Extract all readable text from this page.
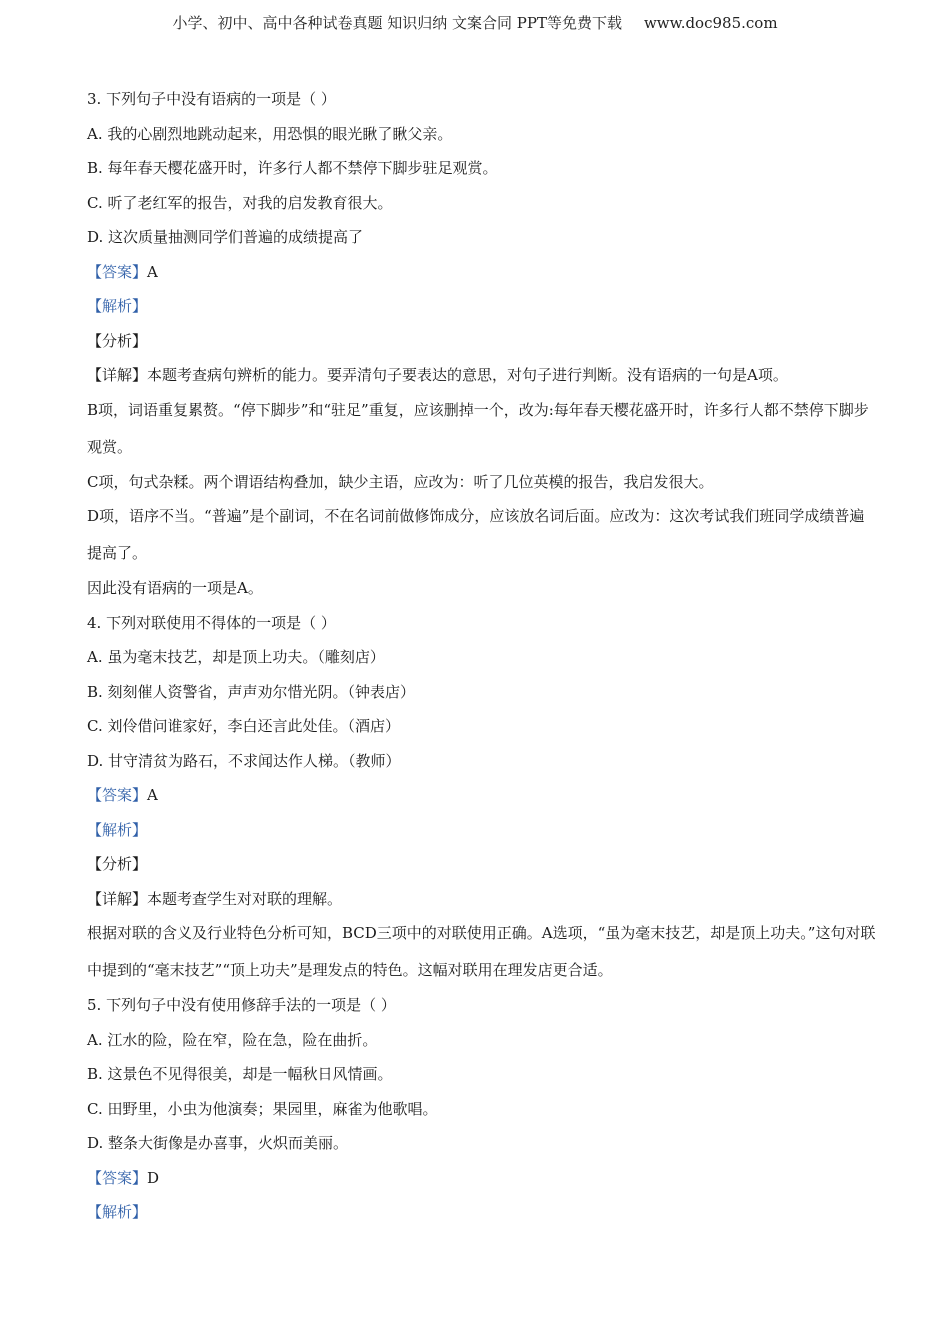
小学、初中、高中各种试卷真题 知识归纳 文案合同 PPT等免费下载 www.doc985.com
3. 下列句子中没有语病的一项是（ ）
A. 我的心剧烈地跳动起来，用恐惧的眼光瞅了瞅父亲。
B. 每年春天樱花盛开时，许多行人都不禁停下脚步驻足观赏。
C. 听了老红军的报告，对我的启发教育很大。
D. 这次质量抽测同学们普遍的成绩提高了
【答案】A
【解析】
【分析】
【详解】本题考查病句辨析的能力。要弄清句子要表达的意思，对句子进行判断。没有语病的一句是A项。
B项，词语重复累赘。“停下脚步”和“驻足”重复，应该删掉一个，改为:每年春天樱花盛开时，许多行人都不禁停下脚步观赏。
C项，句式杂糅。两个谓语结构叠加，缺少主语，应改为：听了几位英模的报告，我启发很大。
D项，语序不当。“普遍”是个副词，不在名词前做修饰成分，应该放名词后面。应改为：这次考试我们班同学成绩普遍提高了。
因此没有语病的一项是A。
4. 下列对联使用不得体的一项是（ ）
A. 虽为毫末技艺，却是顶上功夫。（雕刻店）
B. 刻刻催人资警省，声声劝尔惜光阴。（钟表店）
C. 刘伶借问谁家好，李白还言此处佳。（酒店）
D. 甘守清贫为路石，不求闻达作人梯。（教师）
【答案】A
【解析】
【分析】
【详解】本题考查学生对对联的理解。
根据对联的含义及行业特色分析可知，BCD三项中的对联使用正确。A选项，“虽为毫末技艺，却是顶上功夫。”这句对联中提到的“毫末技艺”“顶上功夫”是理发点的特色。这幅对联用在理发店更合适。
5. 下列句子中没有使用修辞手法的一项是（ ）
A. 江水的险，险在窄，险在急，险在曲折。
B. 这景色不见得很美，却是一幅秋日风情画。
C. 田野里，小虫为他演奏；果园里，麻雀为他歌唱。
D. 整条大街像是办喜事，火炽而美丽。
【答案】D
【解析】
